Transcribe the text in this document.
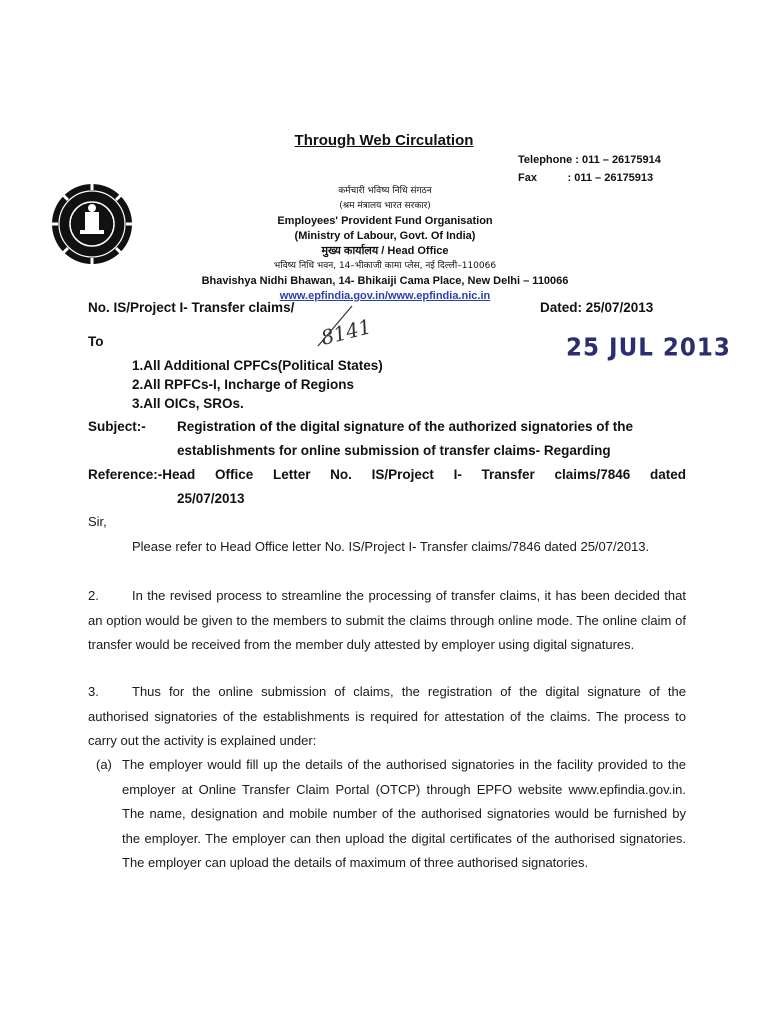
Through Web Circulation
Telephone : 011 – 26175914
Fax          : 011 – 26175913
कर्मचारी भविष्य निधि संगठन
(श्रम मंत्रालय भारत सरकार)
Employees' Provident Fund Organisation
(Ministry of Labour, Govt. Of India)
मुख्य कार्यालय / Head Office
भविष्य निधि भवन, 14–भीकाजी कामा प्लेस, नई दिल्ली–110066
Bhavishya Nidhi Bhawan, 14- Bhikaiji Cama Place, New Delhi – 110066
www.epfindia.gov.in/www.epfindia.nic.in
No. IS/Project I- Transfer claims/
8141
Dated: 25/07/2013
25 JUL 2013
To
1.All Additional CPFCs(Political States)
2.All RPFCs-I, Incharge of Regions
3.All OICs, SROs.
Subject:- Registration of the digital signature of the authorized signatories of the
establishments for online submission of transfer claims- Regarding
Reference:-Head Office Letter No. IS/Project I- Transfer claims/7846 dated
25/07/2013
Sir,
Please refer to Head Office letter No. IS/Project I- Transfer claims/7846 dated 25/07/2013.
2.	In the revised process to streamline the processing of transfer claims, it has been decided that an option would be given to the members to submit the claims through online mode. The online claim of transfer would be received from the member duly attested by employer using digital signatures.
3.	Thus for the online submission of claims, the registration of the digital signature of the authorised signatories of the establishments is required for attestation of the claims. The process to carry out the activity is explained under:
(a) The employer would fill up the details of the authorised signatories in the facility provided to the employer at Online Transfer Claim Portal (OTCP) through EPFO website www.epfindia.gov.in. The name, designation and mobile number of the authorised signatories would be furnished by the employer. The employer can then upload the digital certificates of the authorised signatories. The employer can upload the details of maximum of three authorised signatories.
